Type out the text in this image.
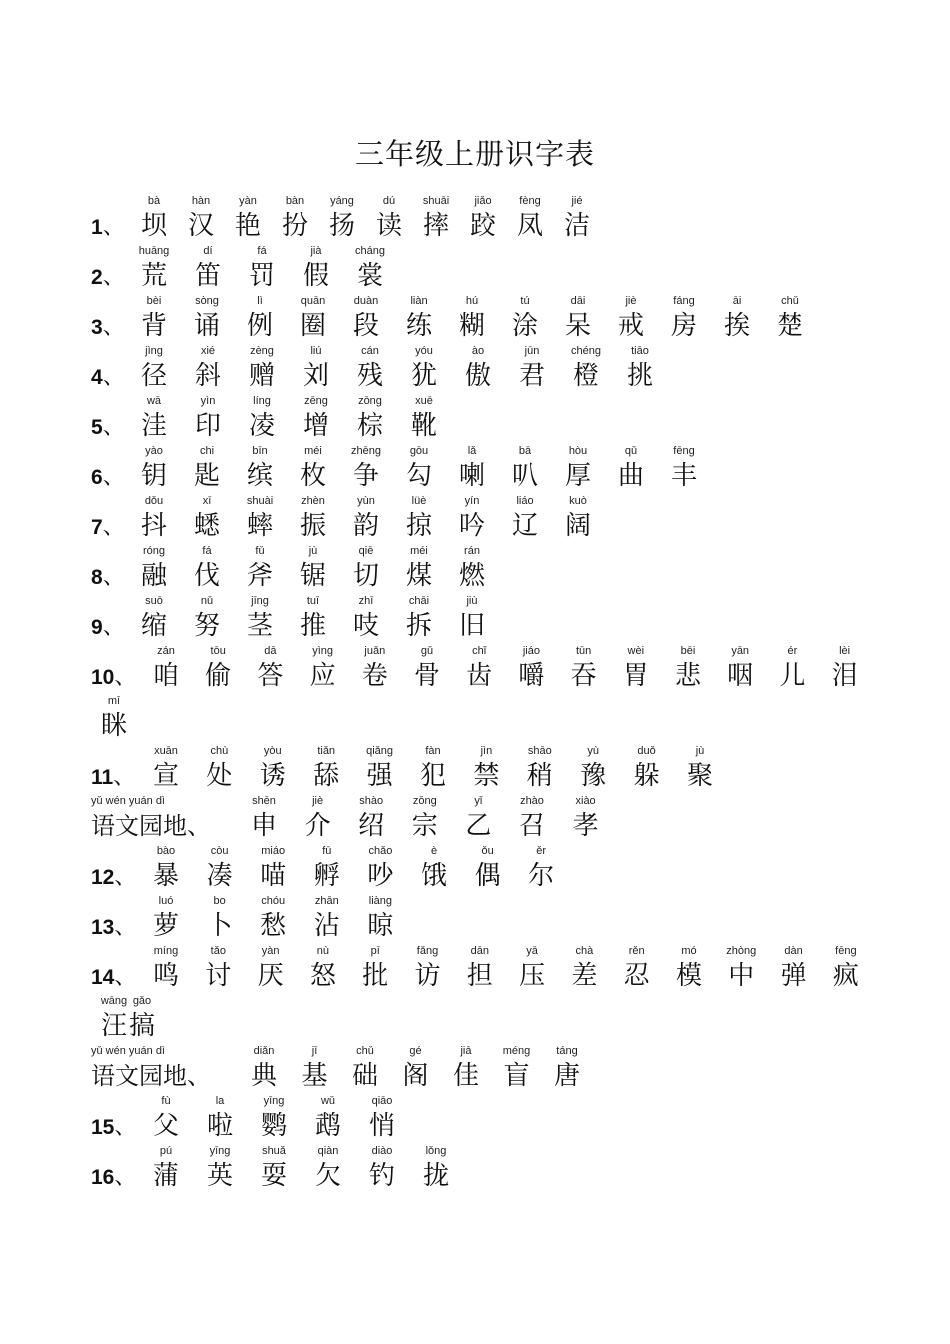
三年级上册识字表
1、
bà
坝
hàn
汉
yàn
艳
bàn
扮
yáng
扬
dú
读
shuāi
摔
jiǎo
跤
fèng
凤
jié
洁
2、
huāng
荒
dí
笛
fá
罚
jià
假
cháng
裳
3、
bèi
背
sòng
诵
lì
例
quān
圈
duàn
段
liàn
练
hú
糊
tú
涂
dāi
呆
jiè
戒
fáng
房
āi
挨
chǔ
楚
4、
jìng
径
xié
斜
zèng
赠
liú
刘
cán
残
yóu
犹
ào
傲
jūn
君
chéng
橙
tiāo
挑
5、
wā
洼
yìn
印
líng
凌
zēng
增
zōng
棕
xuē
靴
6、
yào
钥
chi
匙
bīn
缤
méi
枚
zhēng
争
gōu
勾
lǎ
喇
bā
叭
hòu
厚
qǔ
曲
fēng
丰
7、
dǒu
抖
xī
蟋
shuài
蟀
zhèn
振
yùn
韵
lüè
掠
yín
吟
liáo
辽
kuò
阔
8、
róng
融
fá
伐
fǔ
斧
jù
锯
qiē
切
méi
煤
rán
燃
9、
suō
缩
nǔ
努
jīng
茎
tuī
推
zhī
吱
chāi
拆
jiù
旧
10、
zán
咱
tōu
偷
dā
答
yìng
应
juǎn
卷
gǔ
骨
chǐ
齿
jiáo
嚼
tūn
吞
wèi
胃
bēi
悲
yān
咽
ér
儿
lèi
泪
mī
眯
11、
xuān
宣
chù
处
yòu
诱
tiǎn
舔
qiǎng
强
fàn
犯
jìn
禁
shāo
稍
yù
豫
duǒ
躲
jù
聚
12、
bào
暴
còu
凑
miáo
喵
fū
孵
chǎo
吵
è
饿
ǒu
偶
ěr
尔
13、
luó
萝
bo
卜
chóu
愁
zhān
沾
liàng
晾
14、
míng
鸣
tǎo
讨
yàn
厌
nù
怒
pī
批
fǎng
访
dān
担
yā
压
chà
差
rěn
忍
mó
模
zhòng
中
dàn
弹
fēng
疯
wāng
汪
gǎo
搞
15、
fù
父
la
啦
yīng
鹦
wǔ
鹉
qiāo
悄
16、
pú
蒲
yīng
英
shuǎ
耍
qiàn
欠
diào
钓
lǒng
拢
yǔ wén yuán dì
语文园地、
shēn
申
jiè
介
shào
绍
zōng
宗
yǐ
乙
zhào
召
xiào
孝
yǔ wén yuán dì
语文园地、
diǎn
典
jī
基
chǔ
础
gé
阁
jiā
佳
méng
盲
táng
唐
